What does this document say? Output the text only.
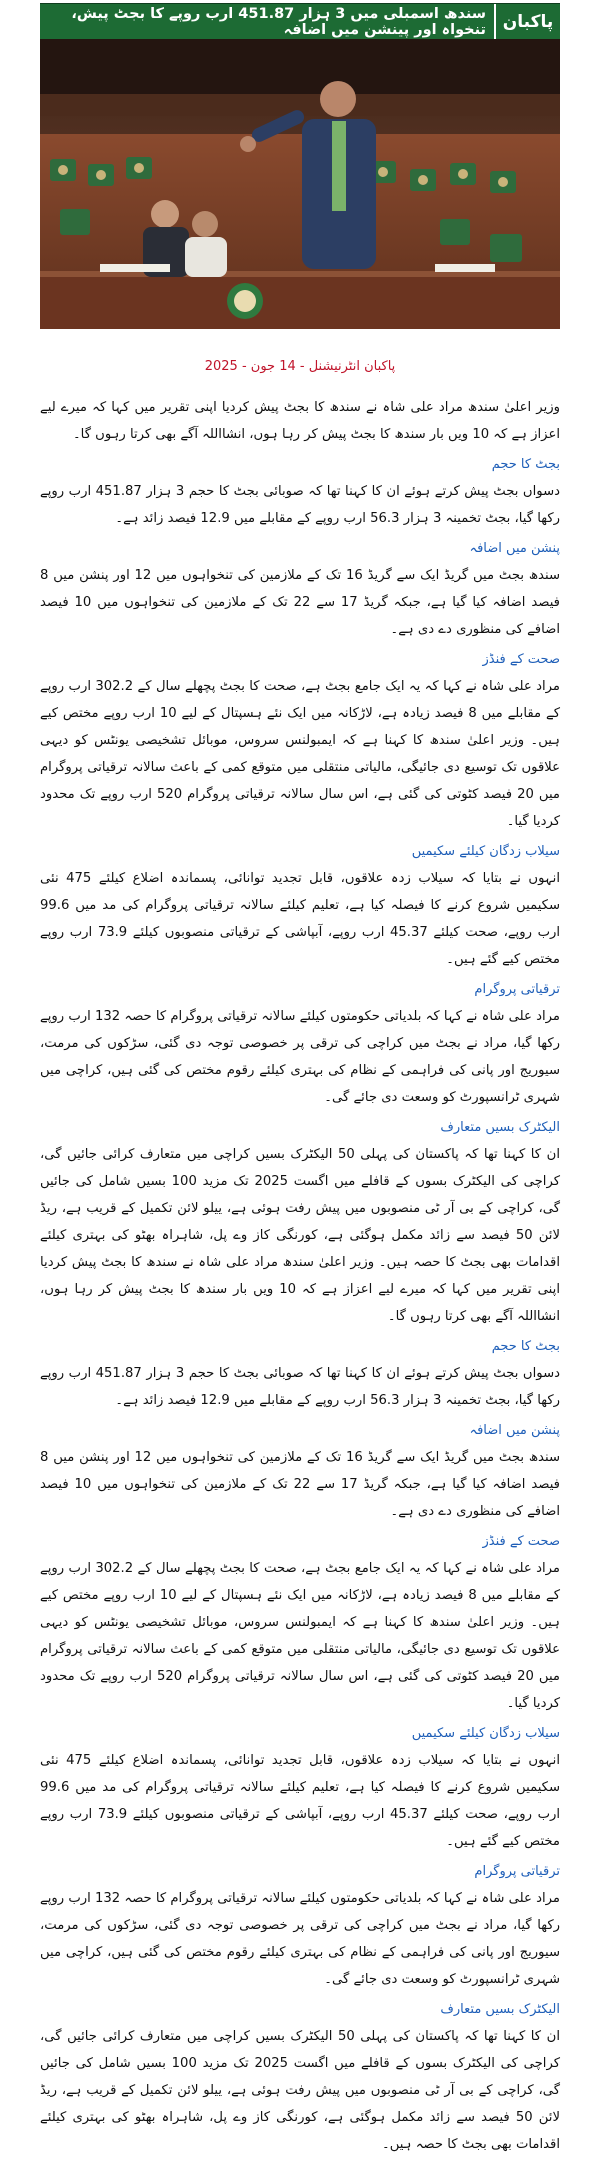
پاکبان
سندھ اسمبلی میں 3 ہزار 451.87 ارب روپے کا بجٹ پیش، تنخواہ اور پینشن میں اضافہ
پاکبان انٹرنیشنل - 14 جون - 2025

وزیر اعلیٰ سندھ مراد علی شاہ نے سندھ کا بجٹ پیش کردیا اپنی تقریر میں کہا کہ میرے لیے اعزاز ہے کہ 10 ویں بار سندھ کا بجٹ پیش کر رہا ہوں، انشااللہ آگے بھی کرتا رہوں گا۔

بجٹ کا حجم

دسواں بجٹ پیش کرتے ہوئے ان کا کہنا تھا کہ صوبائی بجٹ کا حجم 3 ہزار 451.87 ارب روپے رکھا گیا، بجٹ تخمینہ 3 ہزار 56.3 ارب روپے کے مقابلے میں 12.9 فیصد زائد ہے۔

پنشن میں اضافہ

سندھ بجٹ میں گریڈ ایک سے گریڈ 16 تک کے ملازمین کی تنخواہوں میں 12 اور پنشن میں 8 فیصد اضافہ کیا گیا ہے، جبکہ گریڈ 17 سے 22 تک کے ملازمین کی تنخواہوں میں 10 فیصد اضافے کی منظوری دے دی ہے۔

صحت کے فنڈز

مراد علی شاہ نے کہا کہ یہ ایک جامع بجٹ ہے، صحت کا بجٹ پچھلے سال کے 302.2 ارب روپے کے مقابلے میں 8 فیصد زیادہ ہے، لاڑکانہ میں ایک نئے ہسپتال کے لیے 10 ارب روپے مختص کیے ہیں۔ وزیر اعلیٰ سندھ کا کہنا ہے کہ ایمبولنس سروس، موبائل تشخیصی یونٹس کو دیہی علاقوں تک توسیع دی جائیگی، مالیاتی منتقلی میں متوقع کمی کے باعث سالانہ ترقیاتی پروگرام میں 20 فیصد کٹوتی کی گئی ہے، اس سال سالانہ ترقیاتی پروگرام 520 ارب روپے تک محدود کردیا گیا۔

سیلاب زدگان کیلئے سکیمیں

انہوں نے بتایا کہ سیلاب زدہ علاقوں، قابل تجدید توانائی، پسماندہ اضلاع کیلئے 475 نئی سکیمیں شروع کرنے کا فیصلہ کیا ہے، تعلیم کیلئے سالانہ ترقیاتی پروگرام کی مد میں 99.6 ارب روپے، صحت کیلئے 45.37 ارب روپے، آبپاشی کے ترقیاتی منصوبوں کیلئے 73.9 ارب روپے مختص کیے گئے ہیں۔

ترقیاتی پروگرام

مراد علی شاہ نے کہا کہ بلدیاتی حکومتوں کیلئے سالانہ ترقیاتی پروگرام کا حصہ 132 ارب روپے رکھا گیا، مراد نے بجٹ میں کراچی کی ترقی پر خصوصی توجہ دی گئی، سڑکوں کی مرمت، سیوریج اور پانی کی فراہمی کے نظام کی بہتری کیلئے رقوم مختص کی گئی ہیں، کراچی میں شہری ٹرانسپورٹ کو وسعت دی جائے گی۔

الیکٹرک بسیں متعارف

ان کا کہنا تھا کہ پاکستان کی پہلی 50 الیکٹرک بسیں کراچی میں متعارف کرائی جائیں گی، کراچی کی الیکٹرک بسوں کے قافلے میں اگست 2025 تک مزید 100 بسیں شامل کی جائیں گی، کراچی کے بی آر ٹی منصوبوں میں پیش رفت ہوئی ہے، ییلو لائن تکمیل کے قریب ہے، ریڈ لائن 50 فیصد سے زائد مکمل ہوگئی ہے، کورنگی کاز وے پل، شاہراہ بھٹو کی بہتری کیلئے اقدامات بھی بجٹ کا حصہ ہیں۔ وزیر اعلیٰ سندھ مراد علی شاہ نے سندھ کا بجٹ پیش کردیا اپنی تقریر میں کہا کہ میرے لیے اعزاز ہے کہ 10 ویں بار سندھ کا بجٹ پیش کر رہا ہوں، انشااللہ آگے بھی کرتا رہوں گا۔

بجٹ کا حجم

دسواں بجٹ پیش کرتے ہوئے ان کا کہنا تھا کہ صوبائی بجٹ کا حجم 3 ہزار 451.87 ارب روپے رکھا گیا، بجٹ تخمینہ 3 ہزار 56.3 ارب روپے کے مقابلے میں 12.9 فیصد زائد ہے۔

پنشن میں اضافہ

سندھ بجٹ میں گریڈ ایک سے گریڈ 16 تک کے ملازمین کی تنخواہوں میں 12 اور پنشن میں 8 فیصد اضافہ کیا گیا ہے، جبکہ گریڈ 17 سے 22 تک کے ملازمین کی تنخواہوں میں 10 فیصد اضافے کی منظوری دے دی ہے۔

صحت کے فنڈز

مراد علی شاہ نے کہا کہ یہ ایک جامع بجٹ ہے، صحت کا بجٹ پچھلے سال کے 302.2 ارب روپے کے مقابلے میں 8 فیصد زیادہ ہے، لاڑکانہ میں ایک نئے ہسپتال کے لیے 10 ارب روپے مختص کیے ہیں۔ وزیر اعلیٰ سندھ کا کہنا ہے کہ ایمبولنس سروس، موبائل تشخیصی یونٹس کو دیہی علاقوں تک توسیع دی جائیگی، مالیاتی منتقلی میں متوقع کمی کے باعث سالانہ ترقیاتی پروگرام میں 20 فیصد کٹوتی کی گئی ہے، اس سال سالانہ ترقیاتی پروگرام 520 ارب روپے تک محدود کردیا گیا۔

سیلاب زدگان کیلئے سکیمیں

انہوں نے بتایا کہ سیلاب زدہ علاقوں، قابل تجدید توانائی، پسماندہ اضلاع کیلئے 475 نئی سکیمیں شروع کرنے کا فیصلہ کیا ہے، تعلیم کیلئے سالانہ ترقیاتی پروگرام کی مد میں 99.6 ارب روپے، صحت کیلئے 45.37 ارب روپے، آبپاشی کے ترقیاتی منصوبوں کیلئے 73.9 ارب روپے مختص کیے گئے ہیں۔

ترقیاتی پروگرام

مراد علی شاہ نے کہا کہ بلدیاتی حکومتوں کیلئے سالانہ ترقیاتی پروگرام کا حصہ 132 ارب روپے رکھا گیا، مراد نے بجٹ میں کراچی کی ترقی پر خصوصی توجہ دی گئی، سڑکوں کی مرمت، سیوریج اور پانی کی فراہمی کے نظام کی بہتری کیلئے رقوم مختص کی گئی ہیں، کراچی میں شہری ٹرانسپورٹ کو وسعت دی جائے گی۔

الیکٹرک بسیں متعارف

ان کا کہنا تھا کہ پاکستان کی پہلی 50 الیکٹرک بسیں کراچی میں متعارف کرائی جائیں گی، کراچی کی الیکٹرک بسوں کے قافلے میں اگست 2025 تک مزید 100 بسیں شامل کی جائیں گی، کراچی کے بی آر ٹی منصوبوں میں پیش رفت ہوئی ہے، ییلو لائن تکمیل کے قریب ہے، ریڈ لائن 50 فیصد سے زائد مکمل ہوگئی ہے، کورنگی کاز وے پل، شاہراہ بھٹو کی بہتری کیلئے اقدامات بھی بجٹ کا حصہ ہیں۔
